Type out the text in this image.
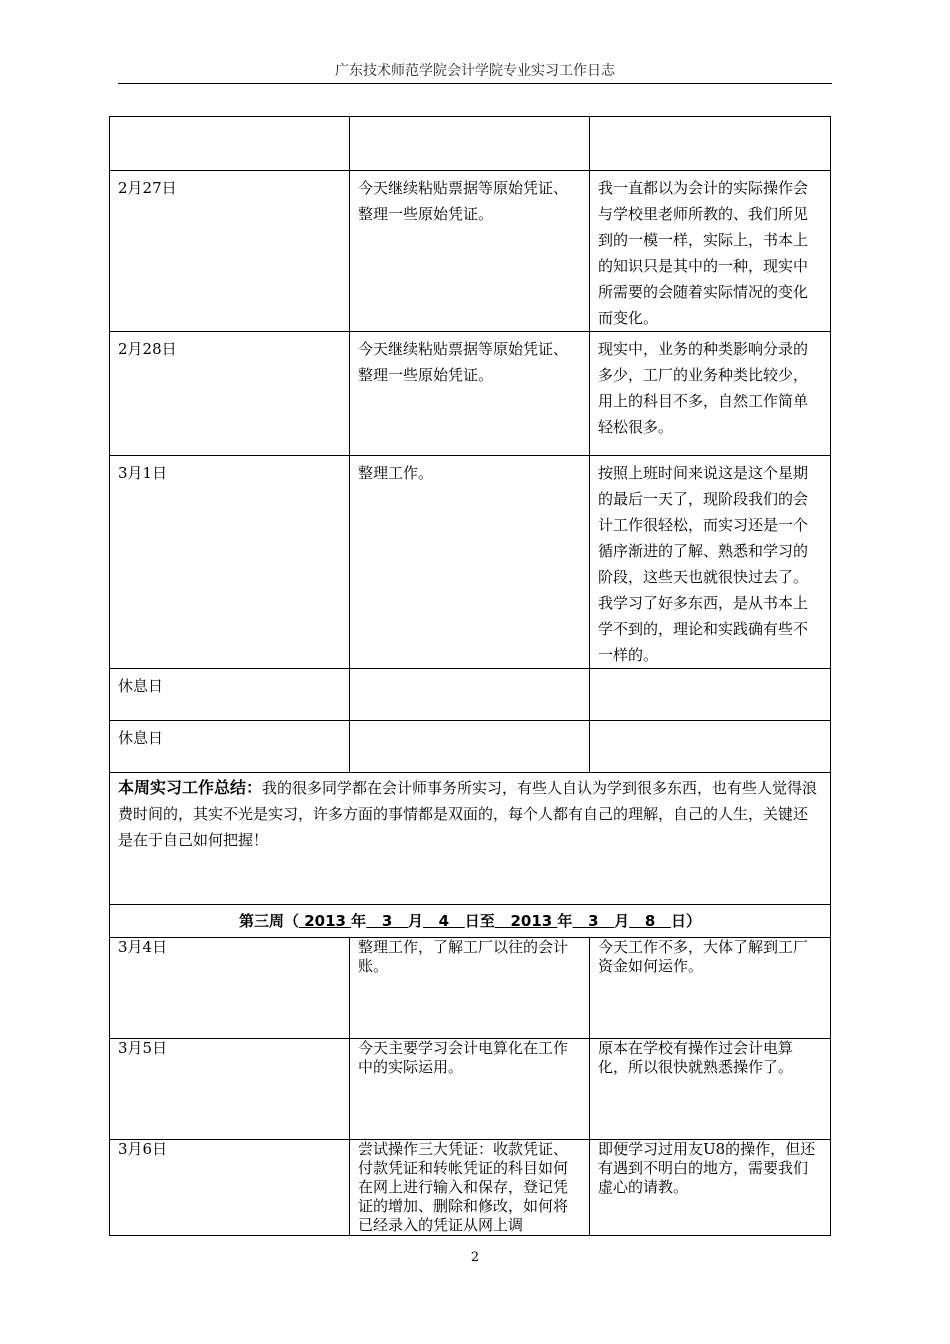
广东技术师范学院会计学院专业实习工作日志

2月27日	今天继续粘贴票据等原始凭证、整理一些原始凭证。	我一直都以为会计的实际操作会与学校里老师所教的、我们所见到的一模一样，实际上，书本上的知识只是其中的一种，现实中所需要的会随着实际情况的变化而变化。
2月28日	今天继续粘贴票据等原始凭证、整理一些原始凭证。	现实中，业务的种类影响分录的多少，工厂的业务种类比较少，用上的科目不多，自然工作简单轻松很多。
3月1日	整理工作。	按照上班时间来说这是这个星期的最后一天了，现阶段我们的会计工作很轻松，而实习还是一个循序渐进的了解、熟悉和学习的阶段，这些天也就很快过去了。我学习了好多东西，是从书本上学不到的，理论和实践确有些不一样的。
休息日		
休息日		
本周实习工作总结：我的很多同学都在会计师事务所实习，有些人自认为学到很多东西，也有些人觉得浪费时间的，其实不光是实习，许多方面的事情都是双面的，每个人都有自己的理解，自己的人生，关键还是在于自己如何把握！		
第三周（ 2013 年   3   月   4   日至   2013 年   3   月   8   日）		
3月4日	整理工作，了解工厂以往的会计账。	今天工作不多，大体了解到工厂资金如何运作。
3月5日	今天主要学习会计电算化在工作中的实际运用。	原本在学校有操作过会计电算化，所以很快就熟悉操作了。
3月6日	尝试操作三大凭证：收款凭证、付款凭证和转帐凭证的科目如何在网上进行输入和保存，登记凭证的增加、删除和修改，如何将已经录入的凭证从网上调	即便学习过用友U8的操作，但还有遇到不明白的地方，需要我们虚心的请教。
2
